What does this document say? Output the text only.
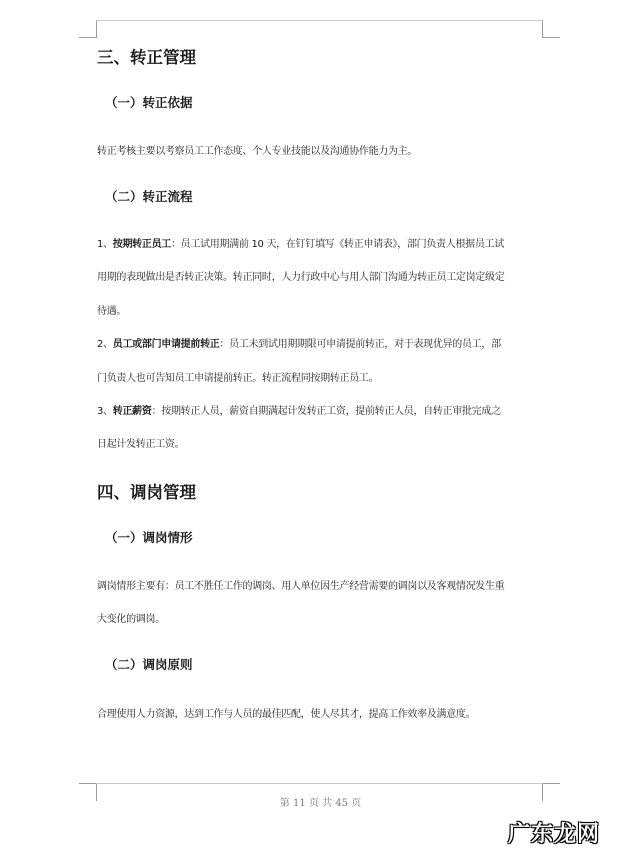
三、转正管理
（一）转正依据
转正考核主要以考察员工工作态度、个人专业技能以及沟通协作能力为主。
（二）转正流程
1、按期转正员工：员工试用期满前 10 天，在钉钉填写《转正申请表》，部门负责人根据员工试
用期的表现做出是否转正决策。转正同时，人力行政中心与用人部门沟通为转正员工定岗定级定
待遇。
2、员工或部门申请提前转正：员工未到试用期期限可申请提前转正，对于表现优异的员工，部
门负责人也可告知员工申请提前转正。转正流程同按期转正员工。
3、转正薪资：按期转正人员，薪资自期满起计发转正工资，提前转正人员，自转正审批完成之
日起计发转正工资。
四、调岗管理
（一）调岗情形
调岗情形主要有：员工不胜任工作的调岗、用人单位因生产经营需要的调岗以及客观情况发生重
大变化的调岗。
（二）调岗原则
合理使用人力资源，达到工作与人员的最佳匹配，使人尽其才，提高工作效率及满意度。
第 11 页 共 45 页
广东龙网
